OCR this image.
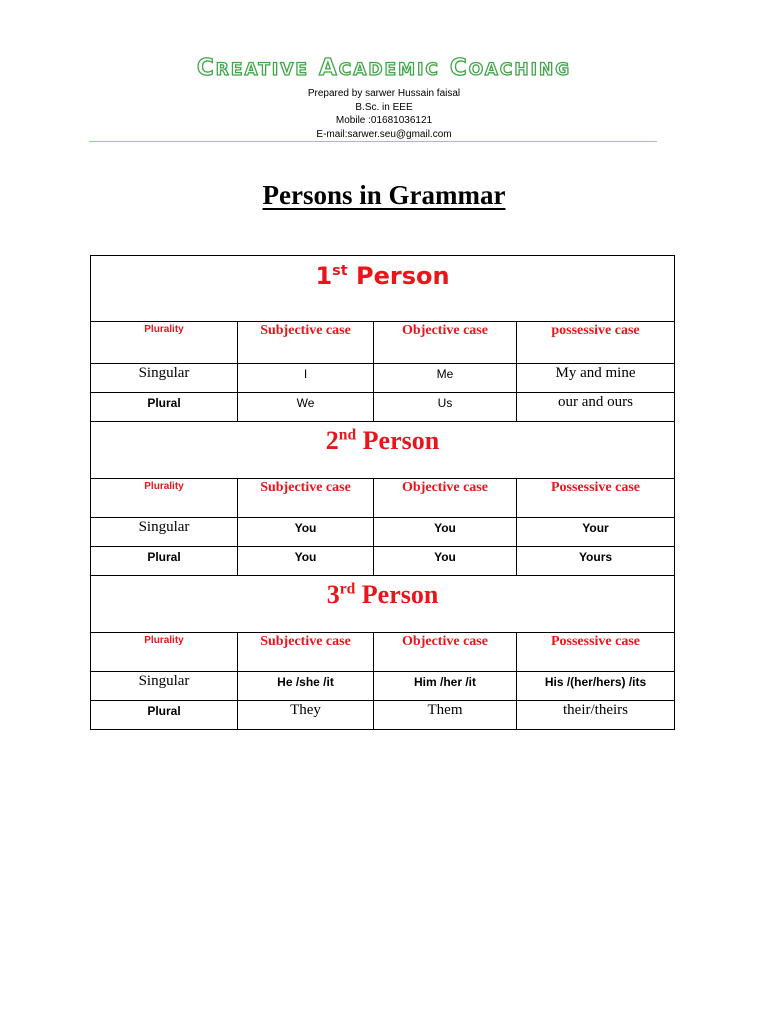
CREATIVE ACADEMIC COACHING
Prepared by sarwer Hussain faisal
B.Sc. in EEE
Mobile :01681036121
E-mail:sarwer.seu@gmail.com
Persons in Grammar
1st Person			

Plurality	Subjective case	Objective case	possessive case

Singular	I	Me	My and mine

Plural	We	Us	our and ours

2nd Person			

Plurality	Subjective case	Objective case	Possessive case

Singular	You	You	Your

Plural	You	You	Yours

3rd Person			

Plurality	Subjective case	Objective case	Possessive case

Singular	He /she /it	Him /her /it	His /(her/hers) /its

Plural	They	Them	their/theirs
